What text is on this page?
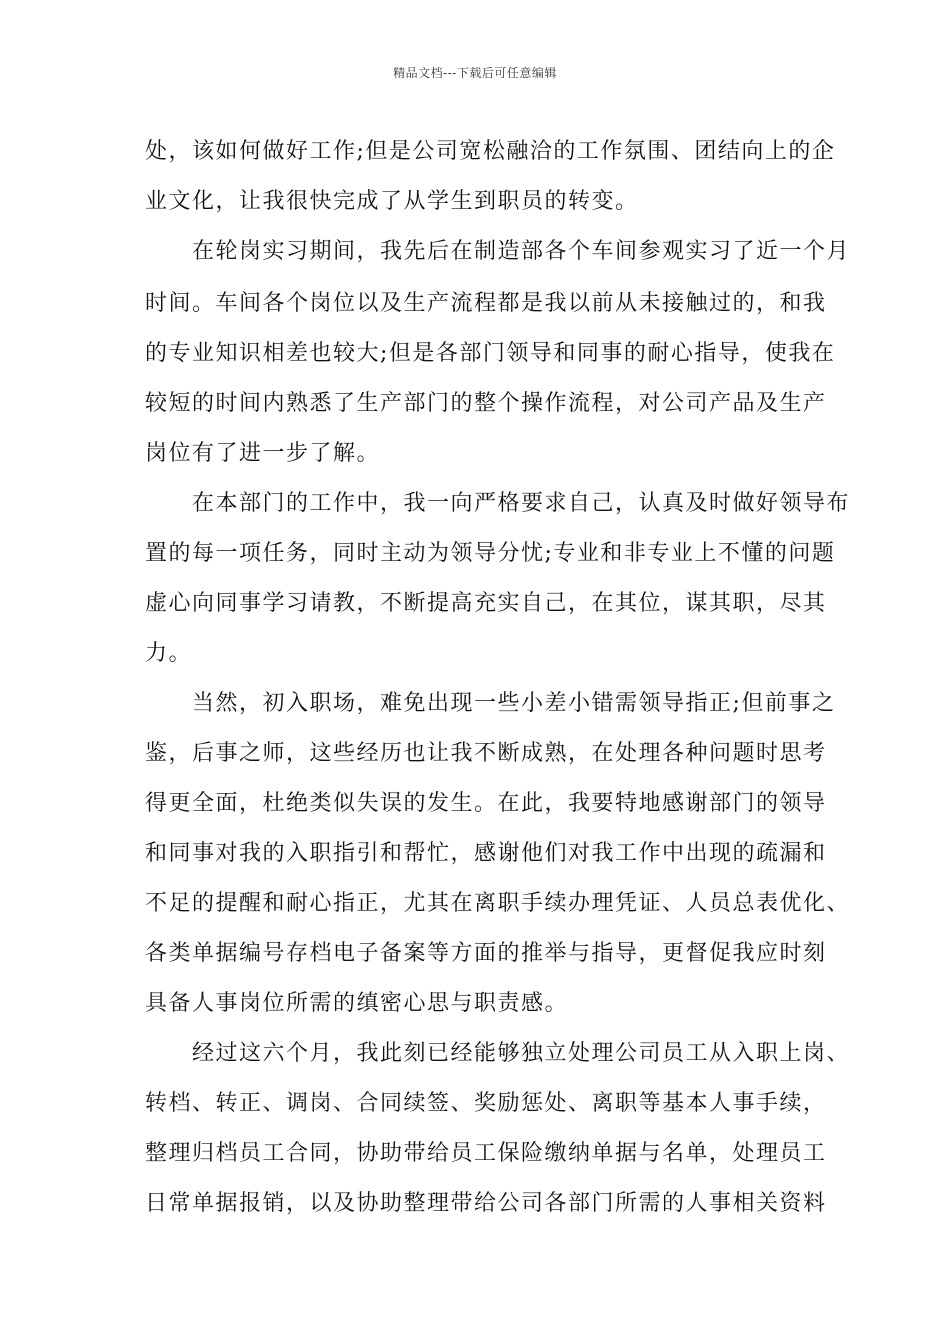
精品文档---下载后可任意编辑
处，该如何做好工作;但是公司宽松融洽的工作氛围、团结向上的企
业文化，让我很快完成了从学生到职员的转变。
　　在轮岗实习期间，我先后在制造部各个车间参观实习了近一个月
时间。车间各个岗位以及生产流程都是我以前从未接触过的，和我
的专业知识相差也较大;但是各部门领导和同事的耐心指导，使我在
较短的时间内熟悉了生产部门的整个操作流程，对公司产品及生产
岗位有了进一步了解。
　　在本部门的工作中，我一向严格要求自己，认真及时做好领导布
置的每一项任务，同时主动为领导分忧;专业和非专业上不懂的问题
虚心向同事学习请教，不断提高充实自己，在其位，谋其职，尽其
力。
　　当然，初入职场，难免出现一些小差小错需领导指正;但前事之
鉴，后事之师，这些经历也让我不断成熟，在处理各种问题时思考
得更全面，杜绝类似失误的发生。在此，我要特地感谢部门的领导
和同事对我的入职指引和帮忙，感谢他们对我工作中出现的疏漏和
不足的提醒和耐心指正，尤其在离职手续办理凭证、人员总表优化、
各类单据编号存档电子备案等方面的推举与指导，更督促我应时刻
具备人事岗位所需的缜密心思与职责感。
　　经过这六个月，我此刻已经能够独立处理公司员工从入职上岗、
转档、转正、调岗、合同续签、奖励惩处、离职等基本人事手续，
整理归档员工合同，协助带给员工保险缴纳单据与名单，处理员工
日常单据报销，以及协助整理带给公司各部门所需的人事相关资料
